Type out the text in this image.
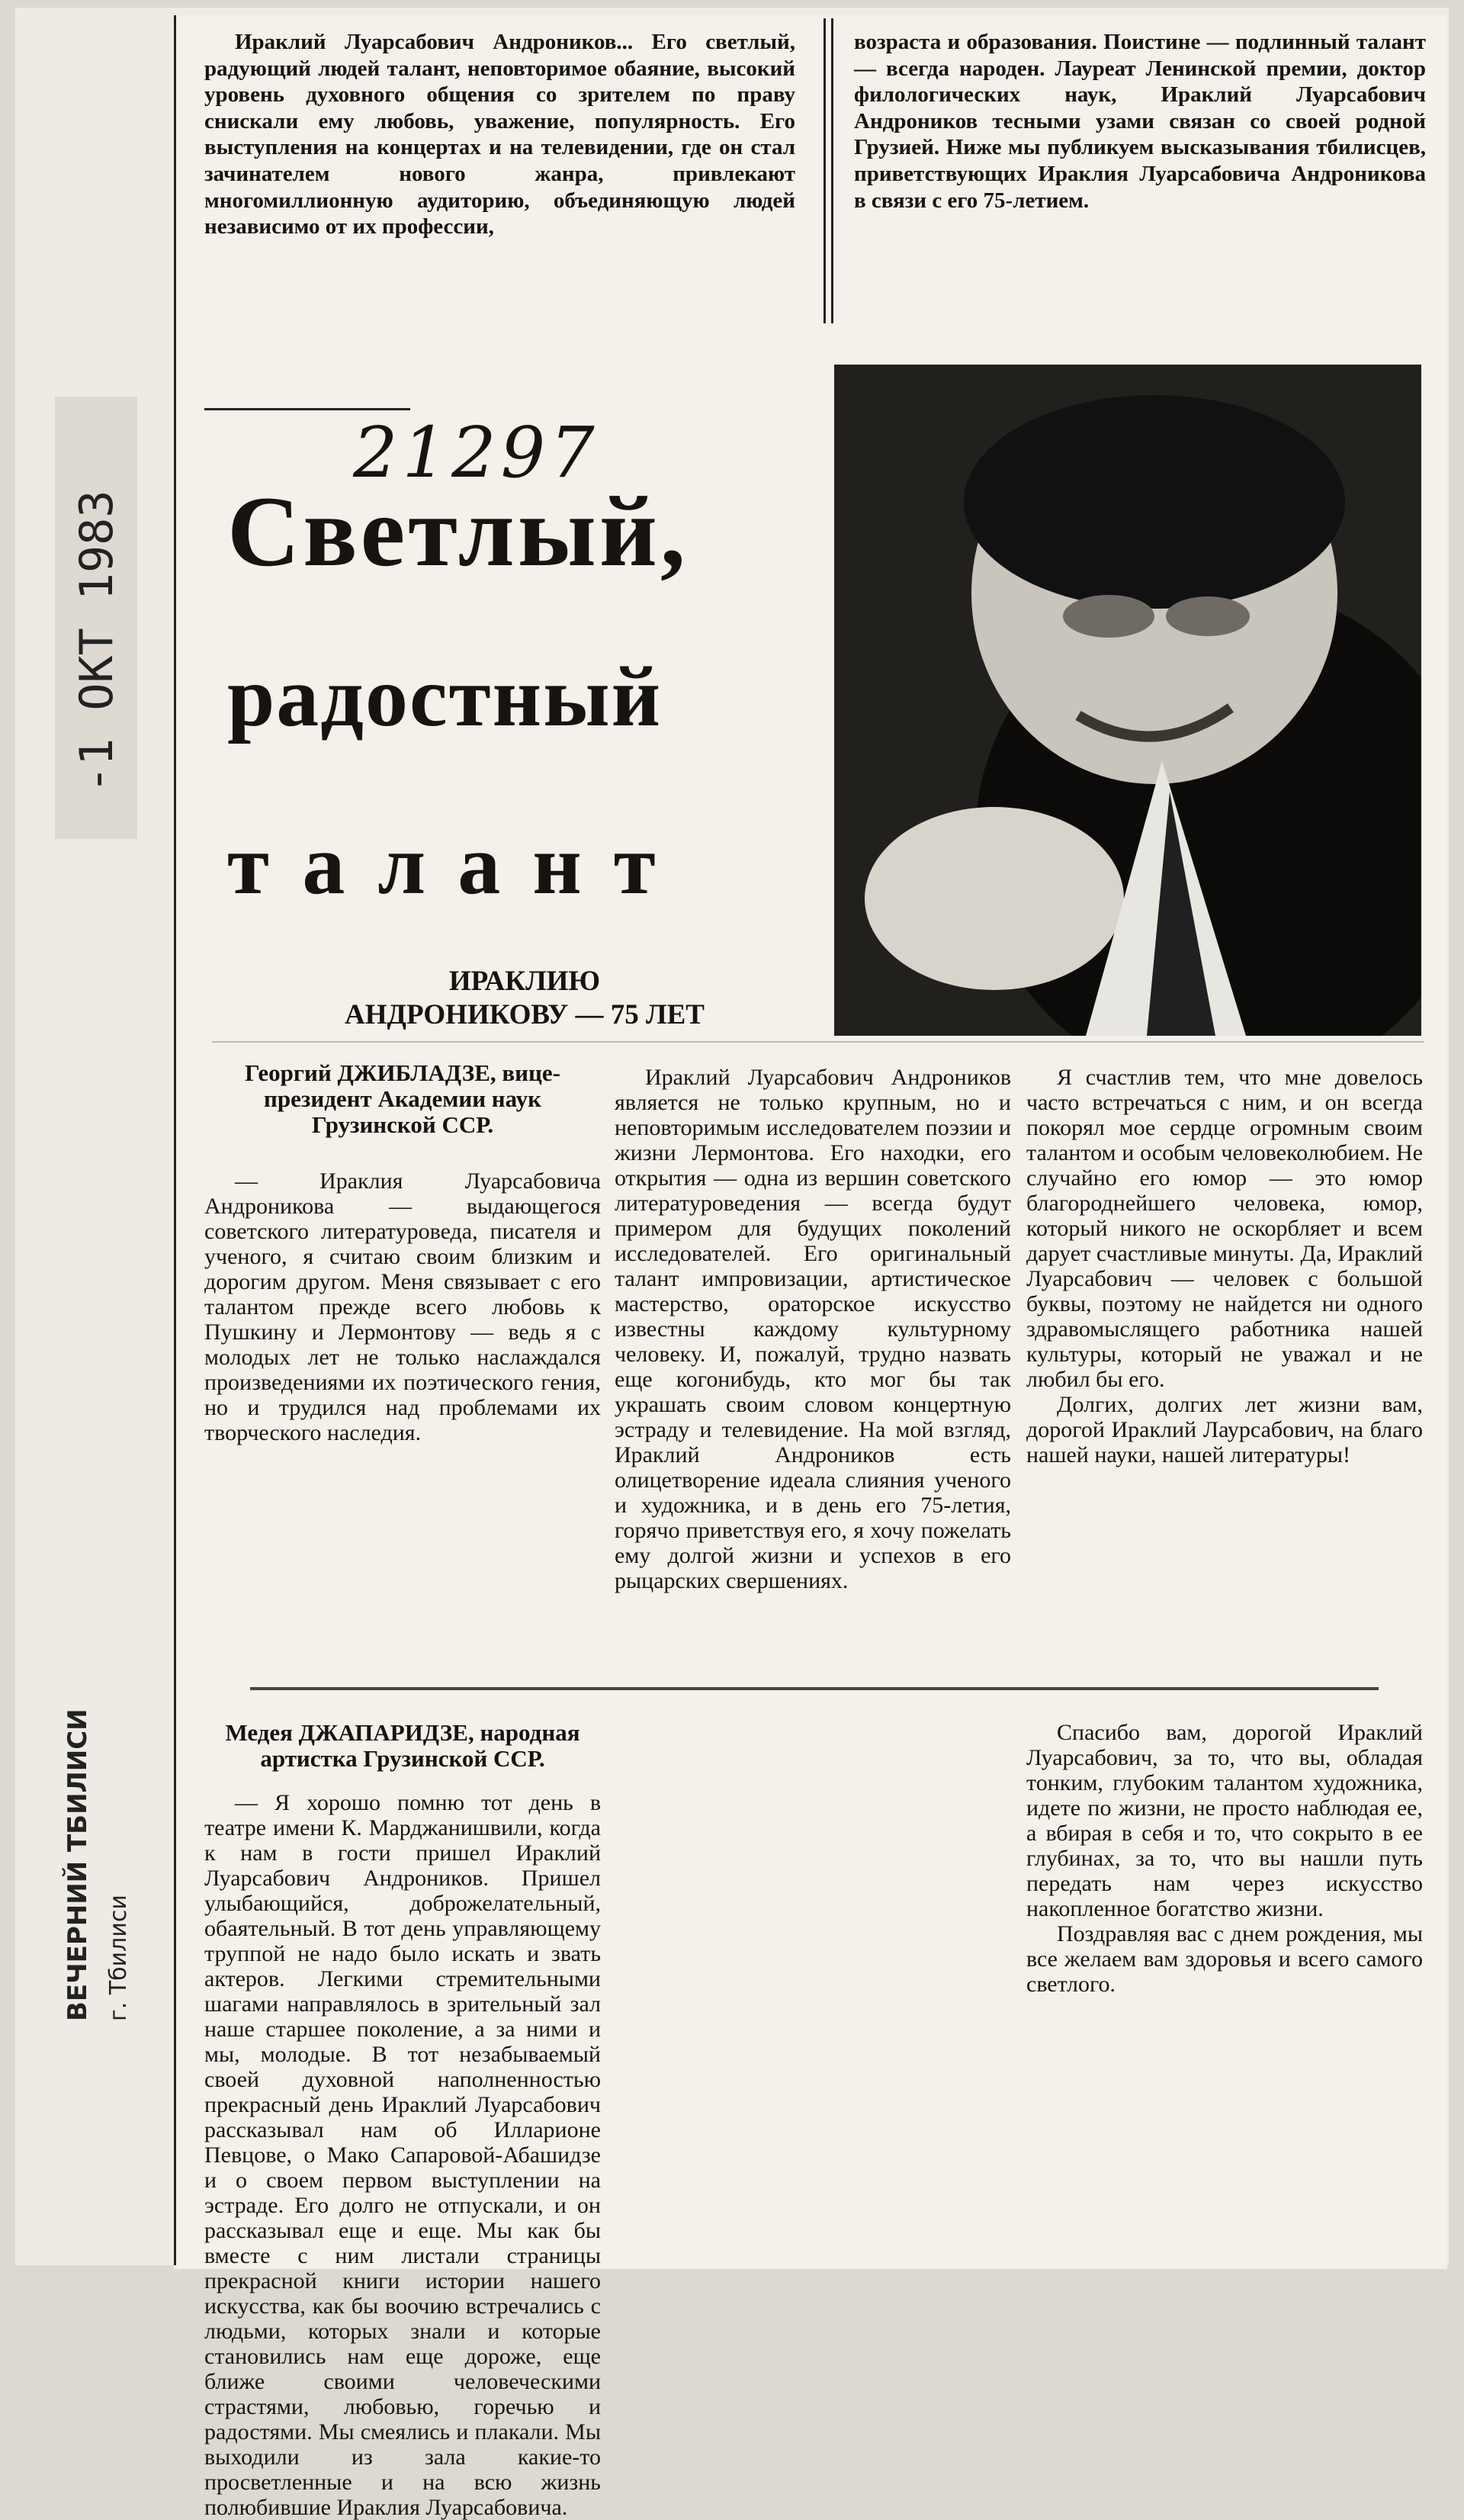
-1 ОКТ 1983
ВЕЧЕРНИЙ ТБИЛИСИ г. Тбилиси

Ираклий Луарсабович Андроников... Его светлый, радующий людей талант, неповторимое обаяние, высокий уровень духовного общения со зрителем по праву снискали ему любовь, уважение, популярность. Его выступления на концертах и на телевидении, где он стал зачинателем нового жанра, привлекают многомиллионную аудиторию, объединяющую людей независимо от их профессии,

возраста и образования. Поистине — подлинный талант — всегда народен. Лауреат Ленинской премии, доктор филологических наук, Ираклий Луарсабович Андроников тесными узами связан со своей родной Грузией. Ниже мы публикуем высказывания тбилисцев, приветствующих Ираклия Луарсабовича Андроникова в связи с его 75-летием.

21297
Светлый,
радостный
талант
ИРАКЛИЮ
АНДРОНИКОВУ — 75 ЛЕТ
Георгий ДЖИБЛАДЗЕ, вице-президент Академии наук Грузинской ССР.

— Ираклия Луарсабовича Андроникова — выдающегося советского литературоведа, писателя и ученого, я считаю своим близким и дорогим другом. Меня связывает с его талантом прежде всего любовь к Пушкину и Лермонтову — ведь я с молодых лет не только наслаждался произведениями их поэтического гения, но и трудился над проблемами их творческого наследия.

Ираклий Луарсабович Андроников является не только крупным, но и неповторимым исследователем поэзии и жизни Лермонтова. Его находки, его открытия — одна из вершин советского литературоведения — всегда будут примером для будущих поколений исследователей. Его оригинальный талант импровизации, артистическое мастерство, ораторское искусство известны каждому культурному человеку. И, пожалуй, трудно назвать еще когонибудь, кто мог бы так украшать своим словом концертную эстраду и телевидение. На мой взгляд, Ираклий Андроников есть олицетворение идеала слияния ученого и художника, и в день его 75-летия, горячо приветствуя его, я хочу пожелать ему долгой жизни и успехов в его рыцарских свершениях.

Я счастлив тем, что мне довелось часто встречаться с ним, и он всегда покорял мое сердце огромным своим талантом и особым человеколюбием. Не случайно его юмор — это юмор благороднейшего человека, юмор, который никого не оскорбляет и всем дарует счастливые минуты. Да, Ираклий Луарсабович — человек с большой буквы, поэтому не найдется ни одного здравомыслящего работника нашей культуры, который не уважал и не любил бы его.

Долгих, долгих лет жизни вам, дорогой Ираклий Лаурсабович, на благо нашей науки, нашей литературы!

Медея ДЖАПАРИДЗЕ, народная артистка Грузинской ССР.

— Я хорошо помню тот день в театре имени К. Марджанишвили, когда к нам в гости пришел Ираклий Луарсабович Андроников. Пришел улыбающийся, доброжелательный, обаятельный. В тот день управляющему труппой не надо было искать и звать актеров. Легкими стремительными шагами направлялось в зрительный зал наше старшее поколение, а за ними и мы, молодые. В тот незабываемый своей духовной наполненностью прекрасный день Ираклий Луарсабович рассказывал нам об Илларионе Певцове, о Мако Сапаровой-Абашидзе и о своем первом выступлении на эстраде. Его долго не отпускали, и он рассказывал еще и еще. Мы как бы вместе с ним листали страницы прекрасной книги истории нашего искусства, как бы воочию встречались с людьми, которых знали и которые становились нам еще дороже, еще ближе своими человеческими страстями, любовью, горечью и радостями. Мы смеялись и плакали. Мы выходили из зала какие-то просветленные и на всю жизнь полюбившие Ираклия Луарсабовича.

Спасибо вам, дорогой Ираклий Луарсабович, за то, что вы, обладая тонким, глубоким талантом художника, идете по жизни, не просто наблюдая ее, а вбирая в себя и то, что сокрыто в ее глубинах, за то, что вы нашли путь передать нам через искусство накопленное богатство жизни.

Поздравляя вас с днем рождения, мы все желаем вам здоровья и всего самого светлого.
